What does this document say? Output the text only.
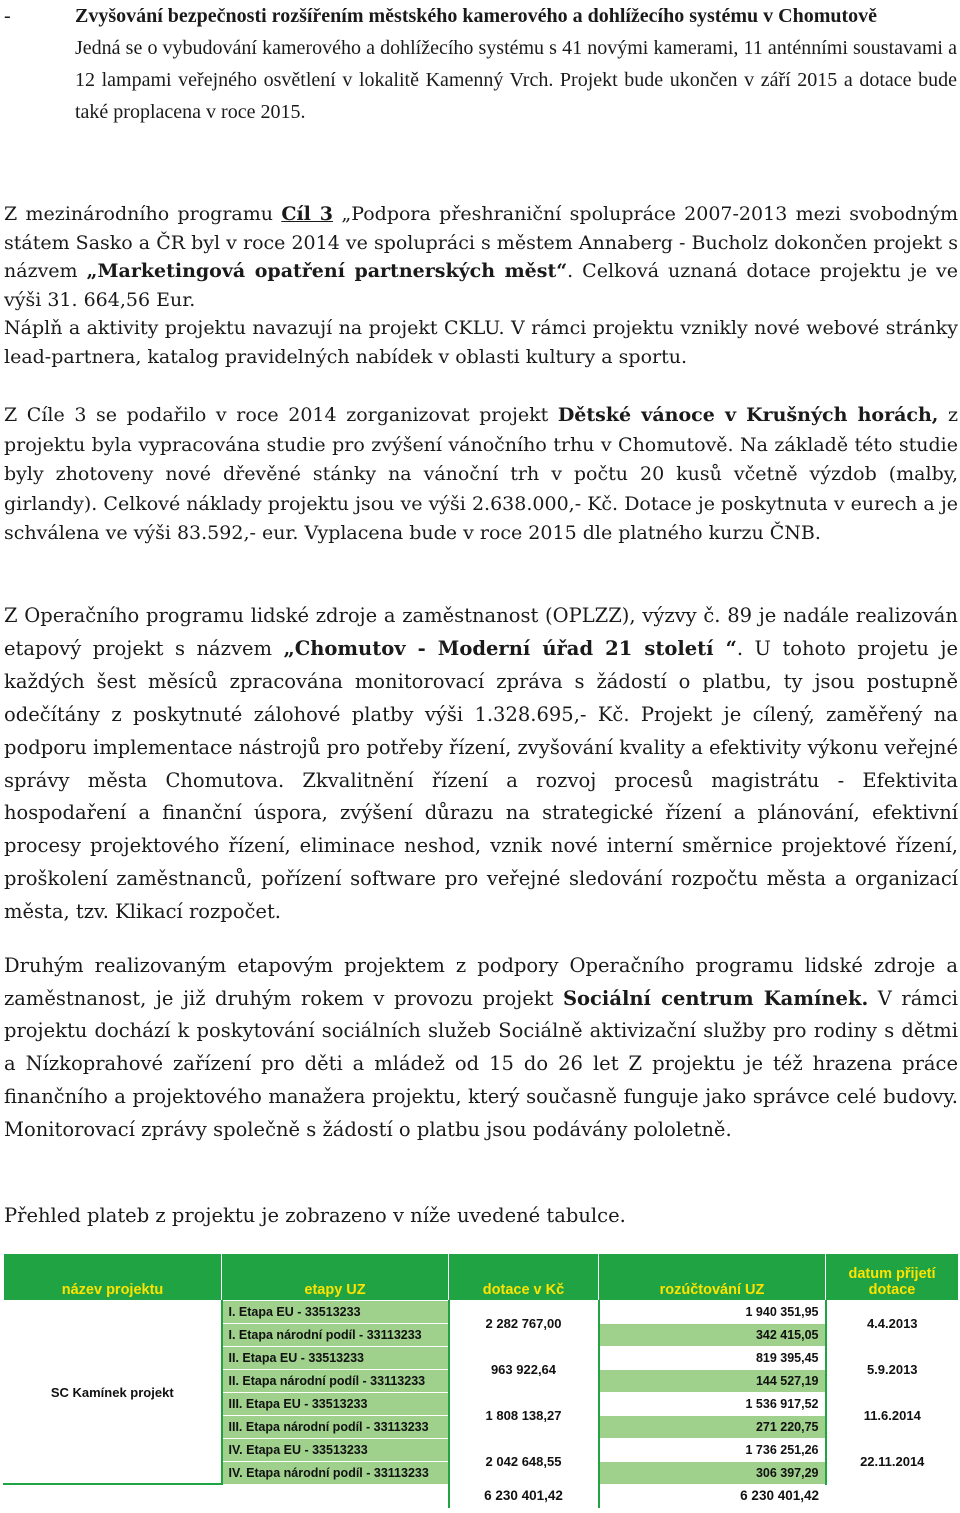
-	Zvyšování bezpečnosti rozšířením městského kamerového a dohlížecího systému v Chomutově
Jedná se o vybudování kamerového a dohlížecího systému s 41 novými kamerami, 11 anténními soustavami a 12 lampami veřejného osvětlení v lokalitě Kamenný Vrch. Projekt bude ukončen v září 2015 a dotace bude také proplacena v roce 2015.
Z mezinárodního programu Cíl 3 „Podpora přeshraniční spolupráce 2007-2013 mezi svobodným státem Sasko a ČR byl v roce 2014 ve spolupráci s městem Annaberg - Bucholz dokončen projekt s názvem „Marketingová opatření partnerských měst“. Celková uznaná dotace projektu je ve výši 31. 664,56 Eur.
Náplň a aktivity projektu navazují na projekt CKLU. V rámci projektu vznikly nové webové stránky lead-partnera, katalog pravidelných nabídek v oblasti kultury a sportu.
Z Cíle 3 se podařilo v roce 2014 zorganizovat projekt Dětské vánoce v Krušných horách, z projektu byla vypracována studie pro zvýšení vánočního trhu v Chomutově. Na základě této studie byly zhotoveny nové dřevěné stánky na vánoční trh v počtu 20 kusů včetně výzdob (malby, girlandy). Celkové náklady projektu jsou ve výši 2.638.000,- Kč. Dotace je poskytnuta v eurech a je schválena ve výši 83.592,- eur. Vyplacena bude v roce 2015 dle platného kurzu ČNB.
Z Operačního programu lidské zdroje a zaměstnanost (OPLZZ), výzvy č. 89 je nadále realizován etapový projekt s názvem „Chomutov - Moderní úřad 21 století “. U tohoto projetu je každých šest měsíců zpracována monitorovací zpráva s žádostí o platbu, ty jsou postupně odečítány z poskytnuté zálohové platby výši 1.328.695,- Kč. Projekt je cílený, zaměřený na podporu implementace nástrojů pro potřeby řízení, zvyšování kvality a efektivity výkonu veřejné správy města Chomutova. Zkvalitnění řízení a rozvoj procesů magistrátu - Efektivita hospodaření a finanční úspora, zvýšení důrazu na strategické řízení a plánování, efektivní procesy projektového řízení, eliminace neshod, vznik nové interní směrnice projektové řízení, proškolení zaměstnanců, pořízení software pro veřejné sledování rozpočtu města a organizací města, tzv. Klikací rozpočet.
Druhým realizovaným etapovým projektem z podpory Operačního programu lidské zdroje a zaměstnanost, je již druhým rokem v provozu projekt Sociální centrum Kamínek. V rámci projektu dochází k poskytování sociálních služeb Sociálně aktivizační služby pro rodiny s dětmi a Nízkoprahové zařízení pro děti a mládež od 15 do 26 let Z projektu je též hrazena práce finančního a projektového manažera projektu, který současně funguje jako správce celé budovy. Monitorovací zprávy společně s žádostí o platbu jsou podávány pololetně.
Přehled plateb z projektu je zobrazeno v níže uvedené tabulce.
název projektu	etapy UZ	dotace v Kč	rozúčtování UZ	datum přijetí dotace
SC Kamínek projekt	I. Etapa EU - 33513233	2 282 767,00	1 940 351,95	4.4.2013
	I. Etapa národní podíl - 33113233		342 415,05	
	II. Etapa EU - 33513233	963 922,64	819 395,45	5.9.2013
	II. Etapa národní podíl - 33113233		144 527,19	
	III. Etapa EU - 33513233	1 808 138,27	1 536 917,52	11.6.2014
	III. Etapa národní podíl - 33113233		271 220,75	
	IV. Etapa EU - 33513233	2 042 648,55	1 736 251,26	22.11.2014
	IV. Etapa národní podíl - 33113233		306 397,29	
		6 230 401,42	6 230 401,42	
